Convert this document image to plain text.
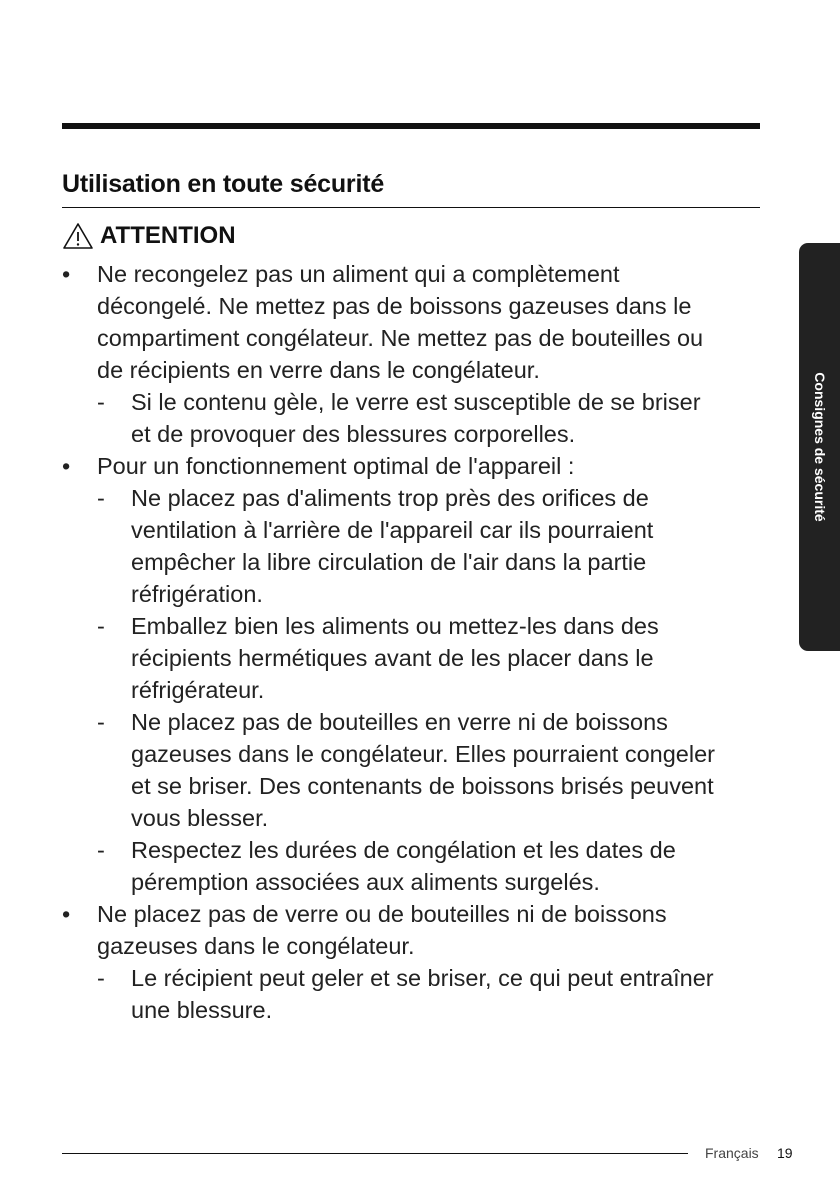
Utilisation en toute sécurité
ATTENTION
•	Ne recongelez pas un aliment qui a complètement
décongelé. Ne mettez pas de boissons gazeuses dans le
compartiment congélateur. Ne mettez pas de bouteilles ou
de récipients en verre dans le congélateur.
-	Si le contenu gèle, le verre est susceptible de se briser
et de provoquer des blessures corporelles.
•	Pour un fonctionnement optimal de l'appareil :
-	Ne placez pas d'aliments trop près des orifices de
ventilation à l'arrière de l'appareil car ils pourraient
empêcher la libre circulation de l'air dans la partie
réfrigération.
-	Emballez bien les aliments ou mettez-les dans des
récipients hermétiques avant de les placer dans le
réfrigérateur.
-	Ne placez pas de bouteilles en verre ni de boissons
gazeuses dans le congélateur. Elles pourraient congeler
et se briser. Des contenants de boissons brisés peuvent
vous blesser.
-	Respectez les durées de congélation et les dates de
péremption associées aux aliments surgelés.
•	Ne placez pas de verre ou de bouteilles ni de boissons
gazeuses dans le congélateur.
-	Le récipient peut geler et se briser, ce qui peut entraîner
une blessure.
Consignes de sécurité
Français 19
